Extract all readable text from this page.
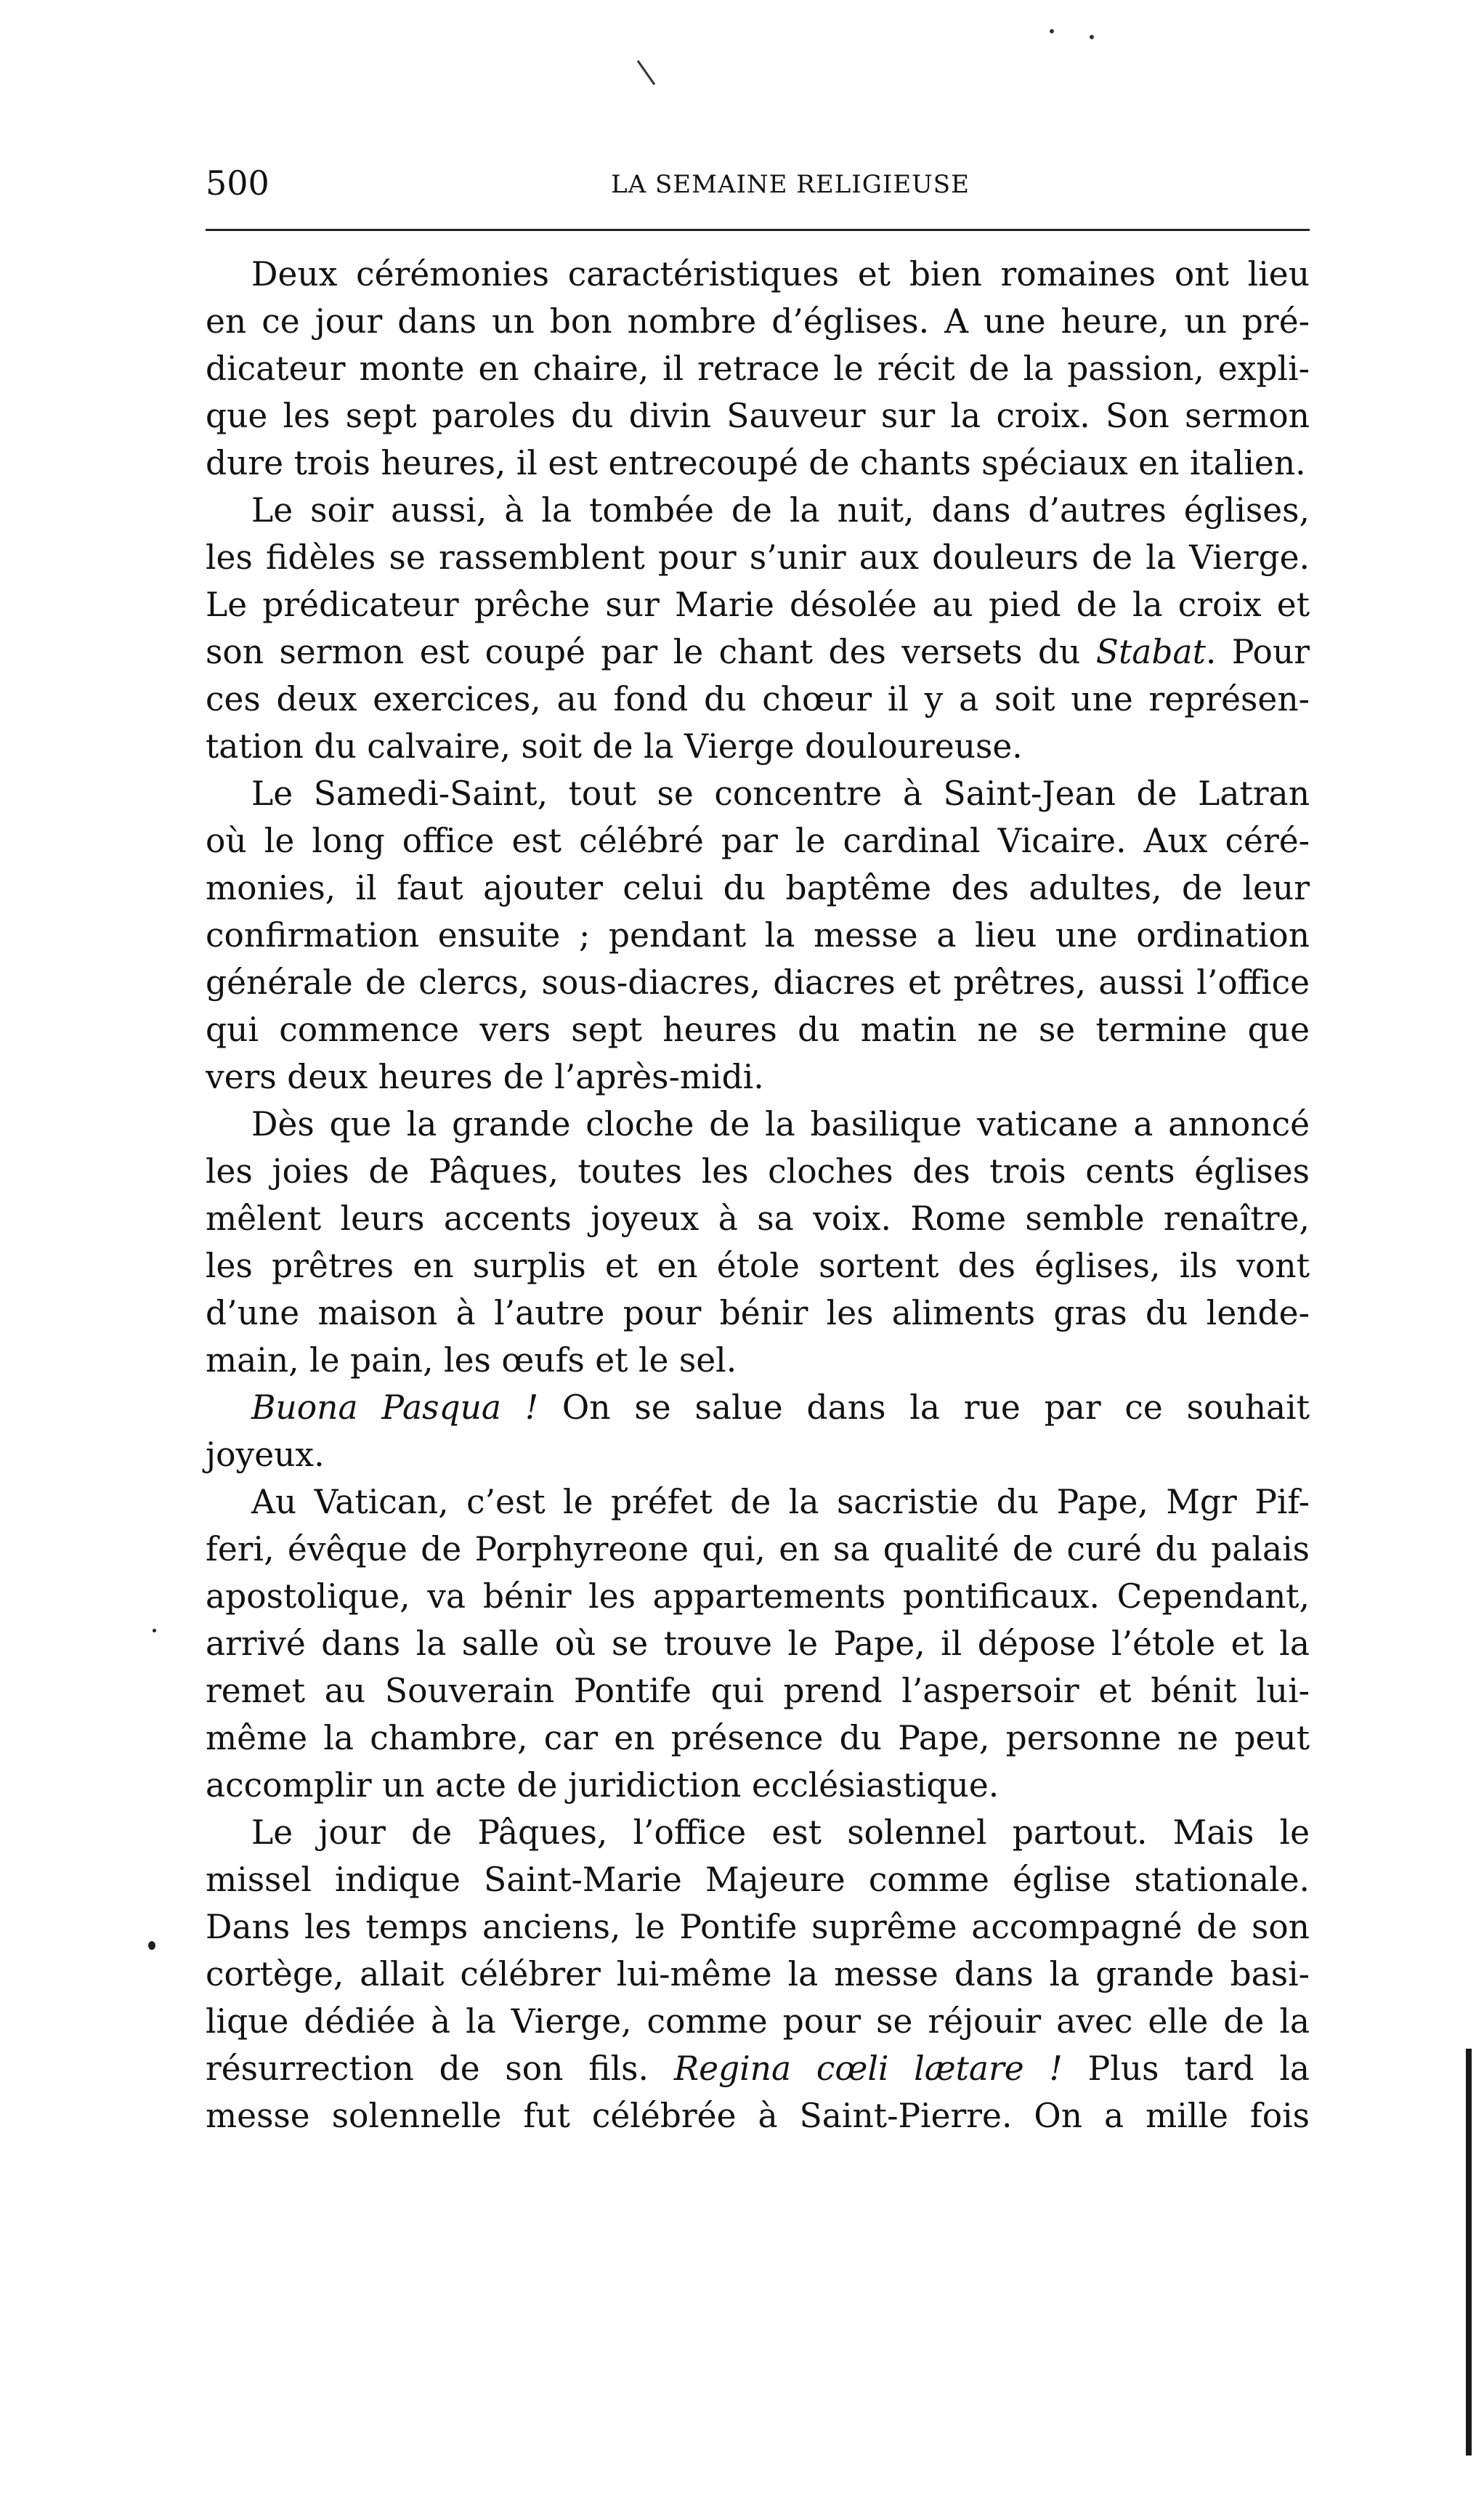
500	LA SEMAINE RELIGIEUSE
Deux cérémonies caractéristiques et bien romaines ont lieu
en ce jour dans un bon nombre d’églises. A une heure, un pré-
dicateur monte en chaire, il retrace le récit de la passion, expli-
que les sept paroles du divin Sauveur sur la croix. Son sermon
dure trois heures, il est entrecoupé de chants spéciaux en italien.
Le soir aussi, à la tombée de la nuit, dans d’autres églises,
les fidèles se rassemblent pour s’unir aux douleurs de la Vierge.
Le prédicateur prêche sur Marie désolée au pied de la croix et
son sermon est coupé par le chant des versets du Stabat. Pour
ces deux exercices, au fond du chœur il y a soit une représen-
tation du calvaire, soit de la Vierge douloureuse.
Le Samedi-Saint, tout se concentre à Saint-Jean de Latran
où le long office est célébré par le cardinal Vicaire. Aux céré-
monies, il faut ajouter celui du baptême des adultes, de leur
confirmation ensuite ; pendant la messe a lieu une ordination
générale de clercs, sous-diacres, diacres et prêtres, aussi l’office
qui commence vers sept heures du matin ne se termine que
vers deux heures de l’après-midi.
Dès que la grande cloche de la basilique vaticane a annoncé
les joies de Pâques, toutes les cloches des trois cents églises
mêlent leurs accents joyeux à sa voix. Rome semble renaître,
les prêtres en surplis et en étole sortent des églises, ils vont
d’une maison à l’autre pour bénir les aliments gras du lende-
main, le pain, les œufs et le sel.
Buona Pasqua ! On se salue dans la rue par ce souhait
joyeux.
Au Vatican, c’est le préfet de la sacristie du Pape, Mgr Pif-
feri, évêque de Porphyreone qui, en sa qualité de curé du palais
apostolique, va bénir les appartements pontificaux. Cependant,
arrivé dans la salle où se trouve le Pape, il dépose l’étole et la
remet au Souverain Pontife qui prend l’aspersoir et bénit lui-
même la chambre, car en présence du Pape, personne ne peut
accomplir un acte de juridiction ecclésiastique.
Le jour de Pâques, l’office est solennel partout. Mais le
missel indique Saint-Marie Majeure comme église stationale.
Dans les temps anciens, le Pontife suprême accompagné de son
cortège, allait célébrer lui-même la messe dans la grande basi-
lique dédiée à la Vierge, comme pour se réjouir avec elle de la
résurrection de son fils. Regina cœli lætare ! Plus tard la
messe solennelle fut célébrée à Saint-Pierre. On a mille fois
